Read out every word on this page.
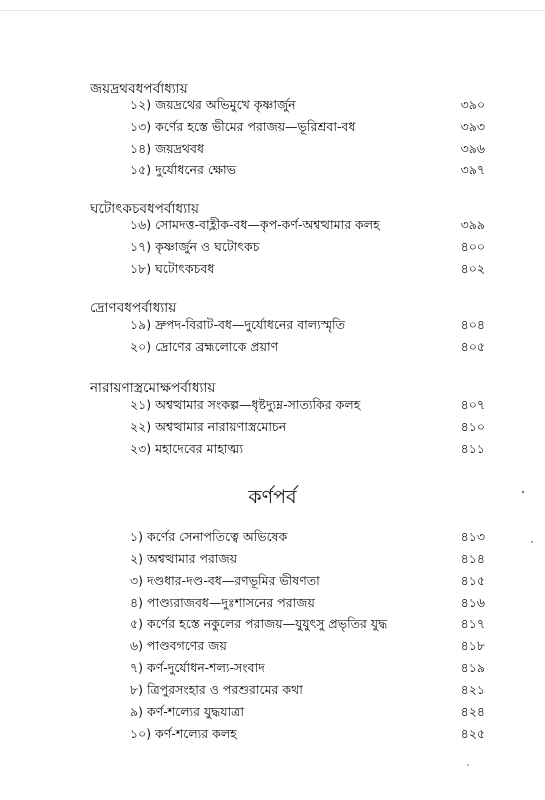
জয়দ্রথবধপর্বাধ্যায়
১২) জয়দ্রথের অভিমুখে কৃষ্ণার্জুন	৩৯০
১৩) কর্ণের হস্তে ভীমের পরাজয়—ভূরিশ্রবা-বধ	৩৯৩
১৪) জয়দ্রথবধ	৩৯৬
১৫) দুর্যোধনের ক্ষোভ	৩৯৭
ঘটোৎকচবধপর্বাধ্যায়
১৬) সোমদত্ত-বাহ্লীক-বধ—কৃপ-কর্ণ-অশ্বত্থামার কলহ	৩৯৯
১৭) কৃষ্ণার্জুন ও ঘটোৎকচ	৪০০
১৮) ঘটোৎকচবধ	৪০২
দ্রোণবধপর্বাধ্যায়
১৯) দ্রুপদ-বিরাট-বধ—দুর্যোধনের বাল্যস্মৃতি	৪০৪
২০) দ্রোণের ব্রহ্মলোকে প্রয়াণ	৪০৫
নারায়ণাস্ত্রমোক্ষপর্বাধ্যায়
২১) অশ্বত্থামার সংকল্প—ধৃষ্টদ্যুম্ন-সাত্যকির কলহ	৪০৭
২২) অশ্বত্থামার নারায়ণাস্ত্রমোচন	৪১০
২৩) মহাদেবের মাহাত্ম্য	৪১১
কর্ণপর্ব
১) কর্ণের সেনাপতিত্বে অভিষেক	৪১৩
২) অশ্বত্থামার পরাজয়	৪১৪
৩) দণ্ডধার-দণ্ড-বধ—রণভূমির ভীষণতা	৪১৫
৪) পাণ্ড্যরাজবধ—দুঃশাসনের পরাজয়	৪১৬
৫) কর্ণের হস্তে নকুলের পরাজয়—যুযুৎসু প্রভৃতির যুদ্ধ	৪১৭
৬) পাণ্ডবগণের জয়	৪১৮
৭) কর্ণ-দুর্যোধন-শল্য-সংবাদ	৪১৯
৮) ত্রিপুরসংহার ও পরশুরামের কথা	৪২১
৯) কর্ণ-শল্যের যুদ্ধযাত্রা	৪২৪
১০) কর্ণ-শল্যের কলহ	৪২৫
